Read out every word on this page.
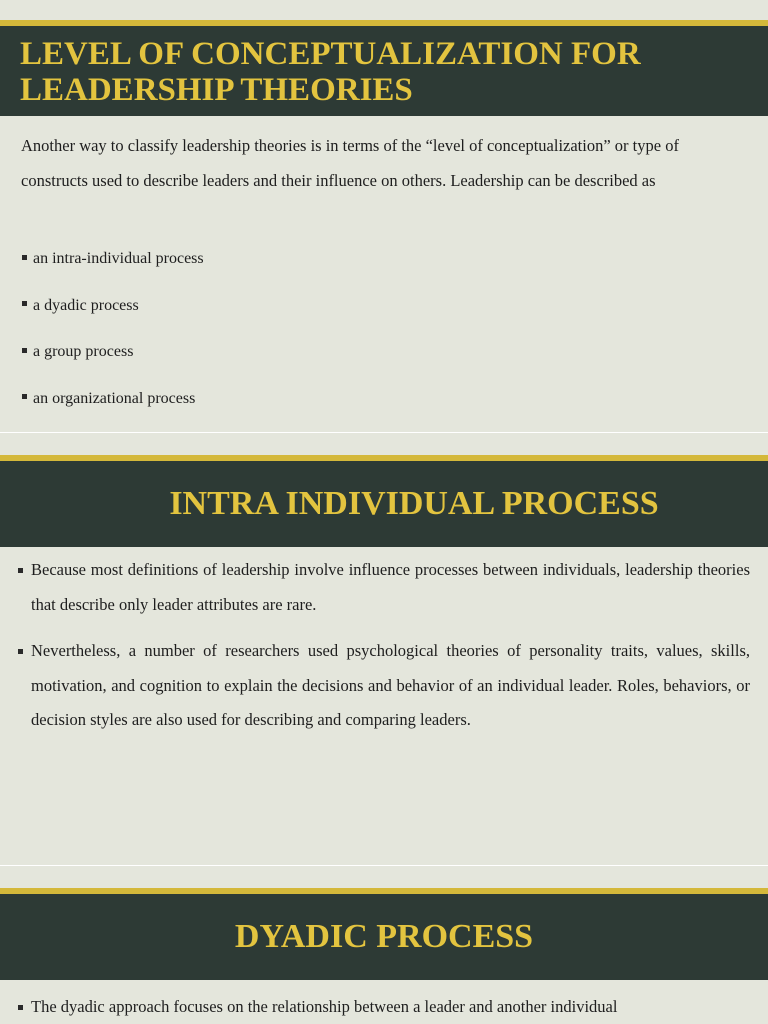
LEVEL OF CONCEPTUALIZATION FOR LEADERSHIP THEORIES

Another way to classify leadership theories is in terms of the “level of conceptualization” or type of constructs used to describe leaders and their influence on others. Leadership can be described as

an intra-individual process
a dyadic process
a group process
an organizational process
INTRA INDIVIDUAL PROCESS
Because most definitions of leadership involve influence processes between individuals, leadership theories that describe only leader attributes are rare.
Nevertheless, a number of researchers used psychological theories of personality traits, values, skills, motivation, and cognition to explain the decisions and behavior of an individual leader. Roles, behaviors, or decision styles are also used for describing and comparing leaders.
DYADIC PROCESS
The dyadic approach focuses on the relationship between a leader and another individual
